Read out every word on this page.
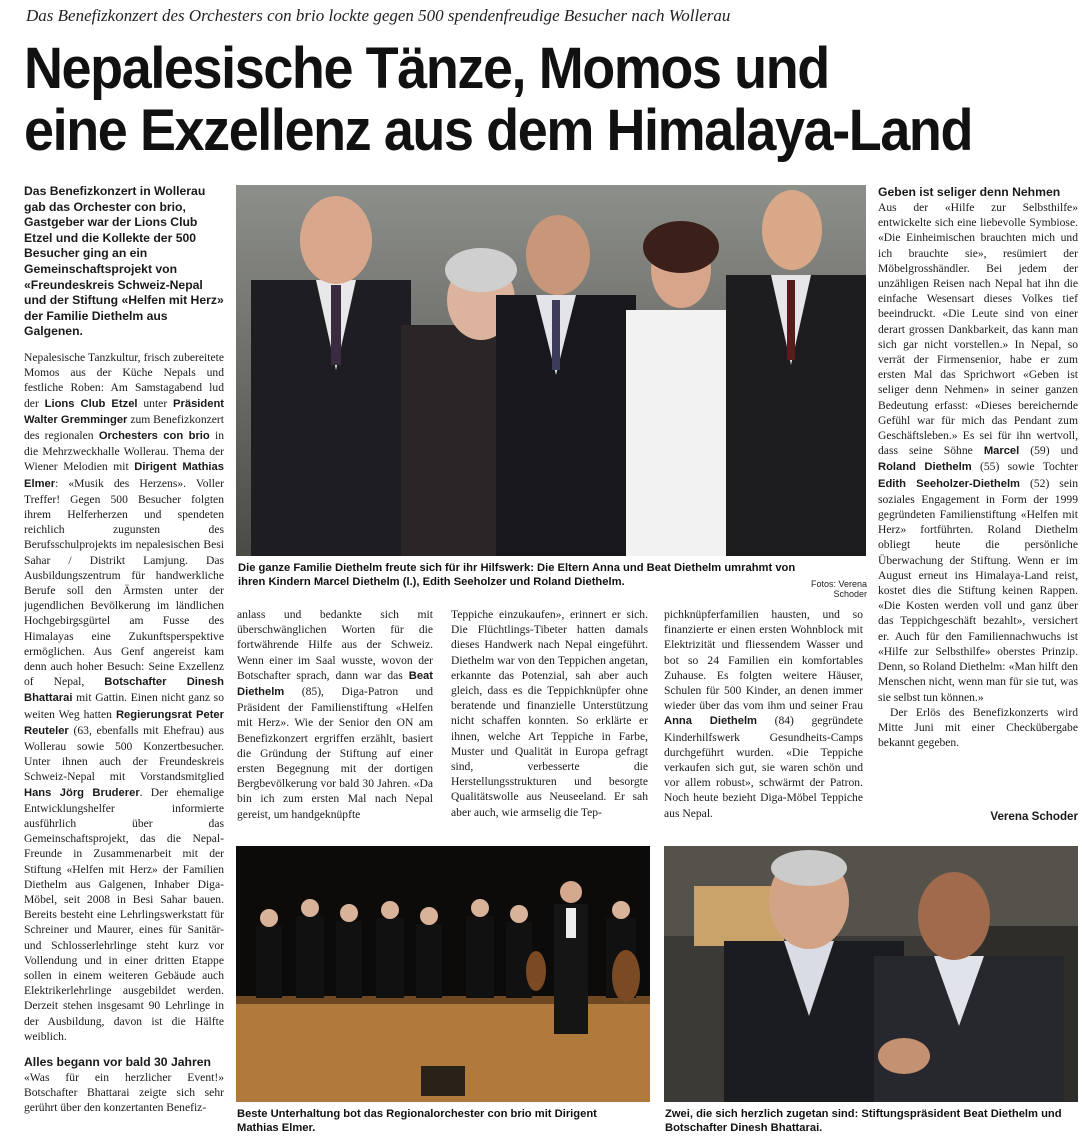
Das Benefizkonzert des Orchesters con brio lockte gegen 500 spendenfreudige Besucher nach Wollerau
Nepalesische Tänze, Momos und
eine Exzellenz aus dem Himalaya-Land

Das Benefizkonzert in Wollerau gab das Orchester con brio, Gastgeber war der Lions Club Etzel und die Kollekte der 500 Besucher ging an ein Gemeinschaftsprojekt von «Freundeskreis Schweiz-Nepal und der Stiftung «Helfen mit Herz» der Familie Diethelm aus Galgenen.

Nepalesische Tanzkultur, frisch zubereitete Momos aus der Küche Nepals und festliche Roben: Am Samstagabend lud der Lions Club Etzel unter Präsident Walter Gremminger zum Benefizkonzert des regionalen Orchesters con brio in die Mehrzweckhalle Wollerau. Thema der Wiener Melodien mit Dirigent Mathias Elmer: «Musik des Herzens». Voller Treffer! Gegen 500 Besucher folgten ihrem Helferherzen und spendeten reichlich zugunsten des Berufsschulprojekts im nepalesischen Besi Sahar / Distrikt Lamjung. Das Ausbildungszentrum für handwerkliche Berufe soll den Ärmsten unter der jugendlichen Bevölkerung im ländlichen Hochgebirgsgürtel am Fusse des Himalayas eine Zukunftsperspektive ermöglichen. Aus Genf angereist kam denn auch hoher Besuch: Seine Exzellenz of Nepal, Botschafter Dinesh Bhattarai mit Gattin. Einen nicht ganz so weiten Weg hatten Regierungsrat Peter Reuteler (63, ebenfalls mit Ehefrau) aus Wollerau sowie 500 Konzertbesucher. Unter ihnen auch der Freundeskreis Schweiz-Nepal mit Vorstandsmitglied Hans Jörg Bruderer. Der ehemalige Entwicklungshelfer informierte ausführlich über das Gemeinschaftsprojekt, das die Nepal-Freunde in Zusammenarbeit mit der Stiftung «Helfen mit Herz» der Familien Diethelm aus Galgenen, Inhaber Diga-Möbel, seit 2008 in Besi Sahar bauen. Bereits besteht eine Lehrlingswerkstatt für Schreiner und Maurer, eines für Sanitär- und Schlosserlehrlinge steht kurz vor Vollendung und in einer dritten Etappe sollen in einem weiteren Gebäude auch Elektrikerlehrlinge ausgebildet werden. Derzeit stehen insgesamt 90 Lehrlinge in der Ausbildung, davon ist die Hälfte weiblich.

Alles begann vor bald 30 Jahren

«Was für ein herzlicher Event!» Botschafter Bhattarai zeigte sich sehr gerührt über den konzertanten Benefiz-

Die ganze Familie Diethelm freute sich für ihr Hilfswerk: Die Eltern Anna und Beat Diethelm umrahmt von ihren Kindern Marcel Diethelm (l.), Edith Seeholzer und Roland Diethelm.	Fotos: Verena Schoder

anlass und bedankte sich mit überschwänglichen Worten für die fortwährende Hilfe aus der Schweiz. Wenn einer im Saal wusste, wovon der Botschafter sprach, dann war das Beat Diethelm (85), Diga-Patron und Präsident der Familienstiftung «Helfen mit Herz». Wie der Senior den ON am Benefizkonzert ergriffen erzählt, basiert die Gründung der Stiftung auf einer ersten Begegnung mit der dortigen Bergbevölkerung vor bald 30 Jahren. «Da bin ich zum ersten Mal nach Nepal gereist, um handgeknüpfte

Teppiche einzukaufen», erinnert er sich. Die Flüchtlings-Tibeter hatten damals dieses Handwerk nach Nepal eingeführt. Diethelm war von den Teppichen angetan, erkannte das Potenzial, sah aber auch gleich, dass es die Teppichknüpfer ohne beratende und finanzielle Unterstützung nicht schaffen konnten. So erklärte er ihnen, welche Art Teppiche in Farbe, Muster und Qualität in Europa gefragt sind, verbesserte die Herstellungsstrukturen und besorgte Qualitätswolle aus Neuseeland. Er sah aber auch, wie armselig die Tep-

pichknüpferfamilien hausten, und so finanzierte er einen ersten Wohnblock mit Elektrizität und fliessendem Wasser und bot so 24 Familien ein komfortables Zuhause. Es folgten weitere Häuser, Schulen für 500 Kinder, an denen immer wieder über das vom ihm und seiner Frau Anna Diethelm (84) gegründete Kinderhilfswerk Gesundheits-Camps durchgeführt wurden. «Die Teppiche verkaufen sich gut, sie waren schön und vor allem robust», schwärmt der Patron. Noch heute bezieht Diga-Möbel Teppiche aus Nepal.

Geben ist seliger denn Nehmen

Aus der «Hilfe zur Selbsthilfe» entwickelte sich eine liebevolle Symbiose. «Die Einheimischen brauchten mich und ich brauchte sie», resümiert der Möbelgrosshändler. Bei jedem der unzähligen Reisen nach Nepal hat ihn die einfache Wesensart dieses Volkes tief beeindruckt. «Die Leute sind von einer derart grossen Dankbarkeit, das kann man sich gar nicht vorstellen.» In Nepal, so verrät der Firmensenior, habe er zum ersten Mal das Sprichwort «Geben ist seliger denn Nehmen» in seiner ganzen Bedeutung erfasst: «Dieses bereichernde Gefühl war für mich das Pendant zum Geschäftsleben.» Es sei für ihn wertvoll, dass seine Söhne Marcel (59) und Roland Diethelm (55) sowie Tochter Edith Seeholzer-Diethelm (52) sein soziales Engagement in Form der 1999 gegründeten Familienstiftung «Helfen mit Herz» fortführten. Roland Diethelm obliegt heute die persönliche Überwachung der Stiftung. Wenn er im August erneut ins Himalaya-Land reist, kostet dies die Stiftung keinen Rappen. «Die Kosten werden voll und ganz über das Teppichgeschäft bezahlt», versichert er. Auch für den Familiennachwuchs ist «Hilfe zur Selbsthilfe» oberstes Prinzip. Denn, so Roland Diethelm: «Man hilft den Menschen nicht, wenn man für sie tut, was sie selbst tun können.»

Der Erlös des Benefizkonzerts wird Mitte Juni mit einer Checkübergabe bekannt gegeben.

Verena Schoder
Beste Unterhaltung bot das Regionalorchester con brio mit Dirigent Mathias Elmer.
Zwei, die sich herzlich zugetan sind: Stiftungspräsident Beat Diethelm und Botschafter Dinesh Bhattarai.
